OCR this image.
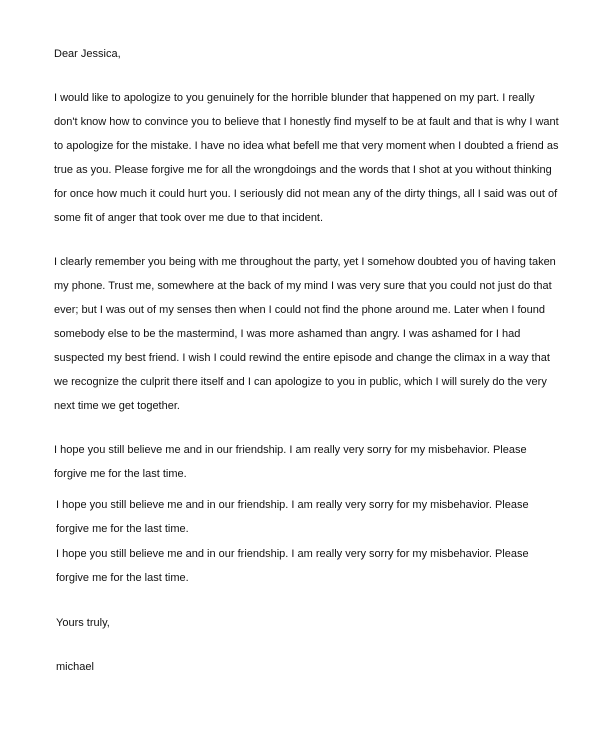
Dear Jessica,
I would like to apologize to you genuinely for the horrible blunder that happened on my part. I really
don't know how to convince you to believe that I honestly find myself to be at fault and that is why I want
to apologize for the mistake. I have no idea what befell me that very moment when I doubted a friend as
true as you. Please forgive me for all the wrongdoings and the words that I shot at you without thinking
for once how much it could hurt you. I seriously did not mean any of the dirty things, all I said was out of
some fit of anger that took over me due to that incident.
I clearly remember you being with me throughout the party, yet I somehow doubted you of having taken
my phone. Trust me, somewhere at the back of my mind I was very sure that you could not just do that
ever; but I was out of my senses then when I could not find the phone around me. Later when I found
somebody else to be the mastermind, I was more ashamed than angry. I was ashamed for I had
suspected my best friend. I wish I could rewind the entire episode and change the climax in a way that
we recognize the culprit there itself and I can apologize to you in public, which I will surely do the very
next time we get together.
I hope you still believe me and in our friendship. I am really very sorry for my misbehavior. Please
forgive me for the last time.
I hope you still believe me and in our friendship. I am really very sorry for my misbehavior. Please
forgive me for the last time.
I hope you still believe me and in our friendship. I am really very sorry for my misbehavior. Please
forgive me for the last time.
Yours truly,
michael
